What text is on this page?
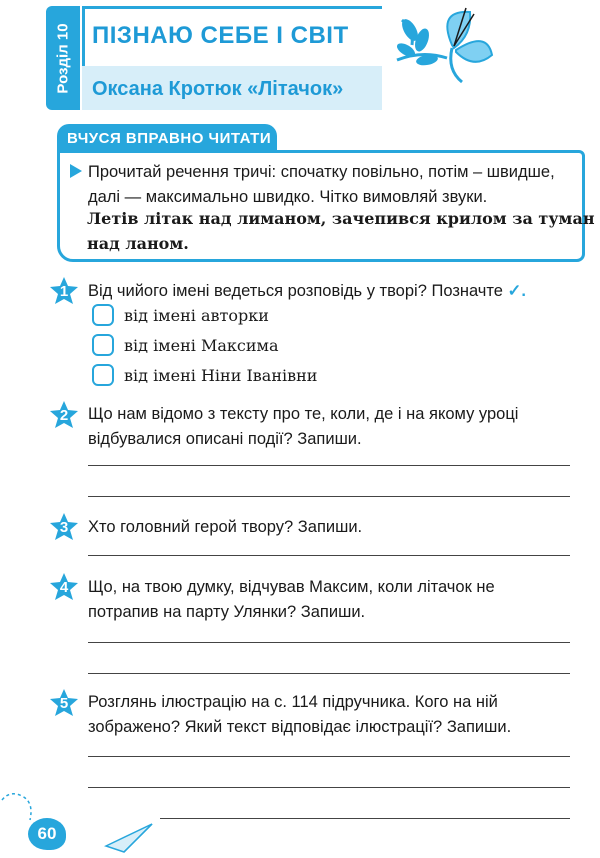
Розділ 10 ПІЗНАЮ СЕБЕ І СВІТ
Оксана Кротюк «Літачок»
ВЧУСЯ ВПРАВНО ЧИТАТИ
Прочитай речення тричі: спочатку повільно, потім – швидше, далі — максимально швидко. Чітко вимовляй звуки.
Летів літак над лиманом, зачепився крилом за туман над ланом.
1	Від чийого імені ведеться розповідь у творі? Позначте ✓.
від імені авторки
від імені Максима
від імені Ніни Іванівни
2	Що нам відомо з тексту про те, коли, де і на якому уроці відбувалися описані події? Запиши.
3	Хто головний герой твору? Запиши.
4	Що, на твою думку, відчував Максим, коли літачок не потрапив на парту Улянки? Запиши.
5	Розглянь ілюстрацію на с. 114 підручника. Кого на ній зображено? Який текст відповідає ілюстрації? Запиши.
60
